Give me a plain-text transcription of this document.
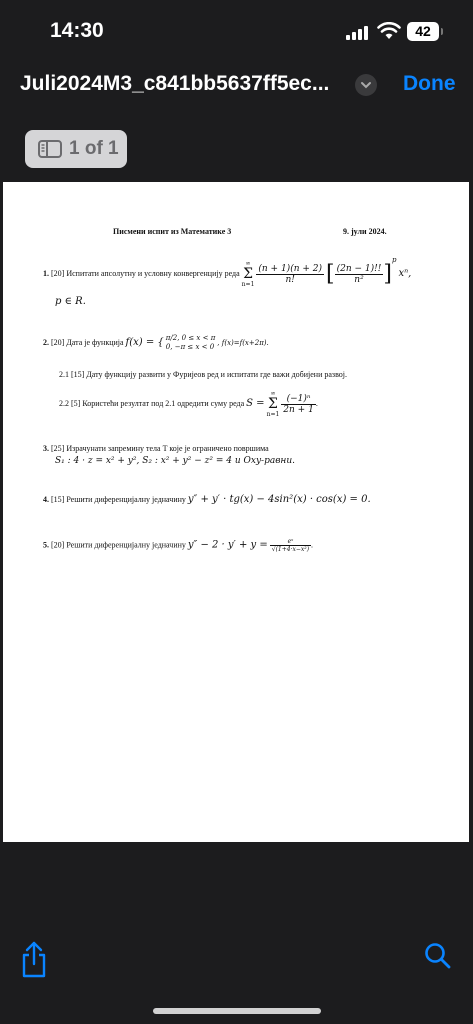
14:30	42
Juli2024M3_c841bb5637ff5ec...	Done
1 of 1
Писмени испит из Математике 3	9. јули 2024.
1. [20] Испитати апсолутну и условну конвергенцију реда
∞
Σ
n=1
$\frac{(n + 1)(n + 2)}{n!}$ [ $\frac{(2n - 1)!!}{\text{n²}} ]^p$ xⁿ,
p ∈ R.
2. [20] Дата је функција f(x) = { π/2, 0 ≤ x < π
0, −π ≤ x < 0
, f(x)=f(x+2π).
2.1 [15] Дату функцију развити у Фуријеов ред и испитати где важи добијени развој.
2.2 [5] Користећи резултат под 2.1 одредити суму реда S =
∞
Σ
n=1
$\frac{\text{(−1)ⁿ}}{2n + 1}$ .
3. [25] Израчунати запремину тела T које је ограничено површима
S₁ : 4 · z = x² + y², S₂ : x² + y² − z² = 4 и Oxy-равни.
4. [15] Решити диференцијалну једначину y″ + y′ · tg(x) − 4sin²(x) · cos(x) = 0.
5. [20] Решити диференцијалну једначину $y'' - 2 \cdot y' + y = \frac{\text{eˣ}}{\text{√(1+4·x−x²)}}$ .
